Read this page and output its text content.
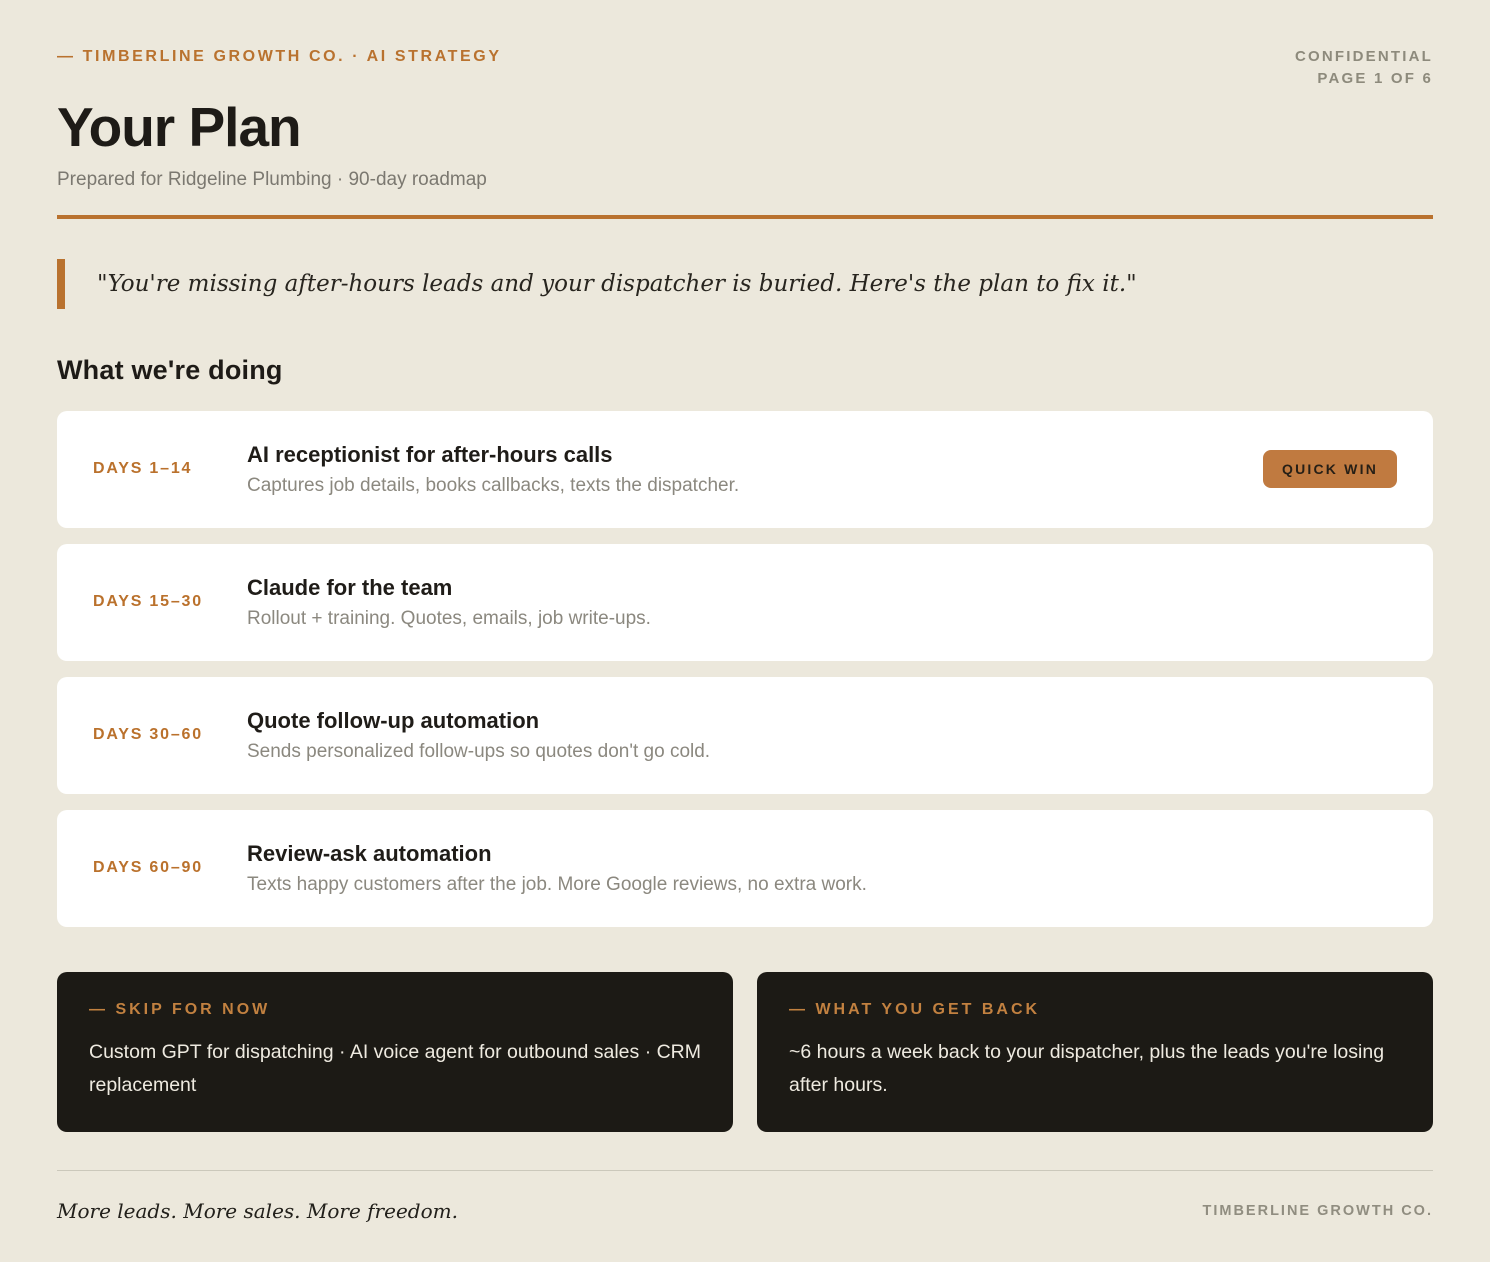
— TIMBERLINE GROWTH CO. · AI STRATEGY	CONFIDENTIAL
PAGE 1 OF 6
Your Plan
Prepared for Ridgeline Plumbing · 90-day roadmap
"You're missing after-hours leads and your dispatcher is buried. Here's the plan to fix it."
What we're doing
DAYS 1–14
AI receptionist for after-hours calls
Captures job details, books callbacks, texts the dispatcher.
QUICK WIN
DAYS 15–30
Claude for the team
Rollout + training. Quotes, emails, job write-ups.
DAYS 30–60
Quote follow-up automation
Sends personalized follow-ups so quotes don't go cold.
DAYS 60–90
Review-ask automation
Texts happy customers after the job. More Google reviews, no extra work.
— SKIP FOR NOW
Custom GPT for dispatching · AI voice agent for outbound sales · CRM replacement
— WHAT YOU GET BACK
~6 hours a week back to your dispatcher, plus the leads you're losing after hours.
More leads. More sales. More freedom.	TIMBERLINE GROWTH CO.
